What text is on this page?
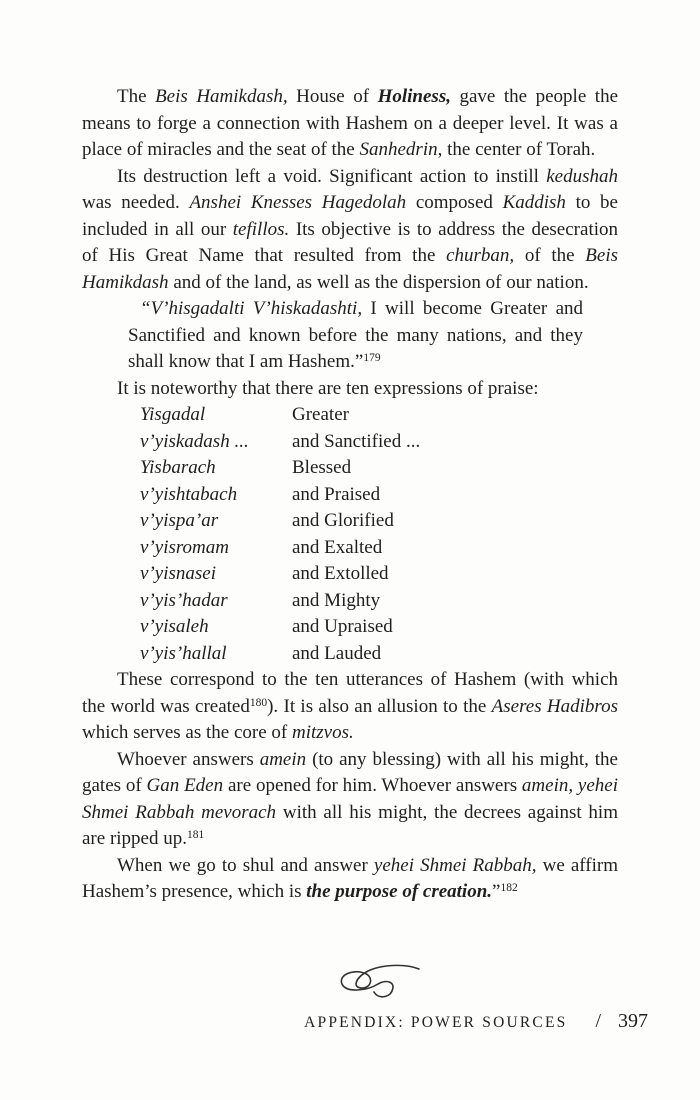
The Beis Hamikdash, House of Holiness, gave the people the means to forge a connection with Hashem on a deeper level. It was a place of miracles and the seat of the Sanhedrin, the center of Torah.

Its destruction left a void. Significant action to instill kedushah was needed. Anshei Knesses Hagedolah composed Kaddish to be included in all our tefillos. Its objective is to address the desecration of His Great Name that resulted from the churban, of the Beis Hamikdash and of the land, as well as the dispersion of our nation.

“V’hisgadalti V’hiskadashti, I will become Greater and Sanctified and known before the many nations, and they shall know that I am Hashem.”$^{179}$

It is noteworthy that there are ten expressions of praise:

Yisgadal	Greater
v’yiskadash ...	and Sanctified ...
Yisbarach	Blessed
v’yishtabach	and Praised
v’yispa’ar	and Glorified
v’yisromam	and Exalted
v’yisnasei	and Extolled
v’yis’hadar	and Mighty
v’yisaleh	and Upraised
v’yis’hallal	and Lauded

These correspond to the ten utterances of Hashem (with which the world was created$^{180}$). It is also an allusion to the Aseres Hadibros which serves as the core of mitzvos.

Whoever answers amein (to any blessing) with all his might, the gates of Gan Eden are opened for him. Whoever answers amein, yehei Shmei Rabbah mevorach with all his might, the decrees against him are ripped up.$^{181}$

When we go to shul and answer yehei Shmei Rabbah, we affirm Hashem’s presence, which is the purpose of creation.”$^{182}$

APPENDIX: POWER SOURCES / 397
